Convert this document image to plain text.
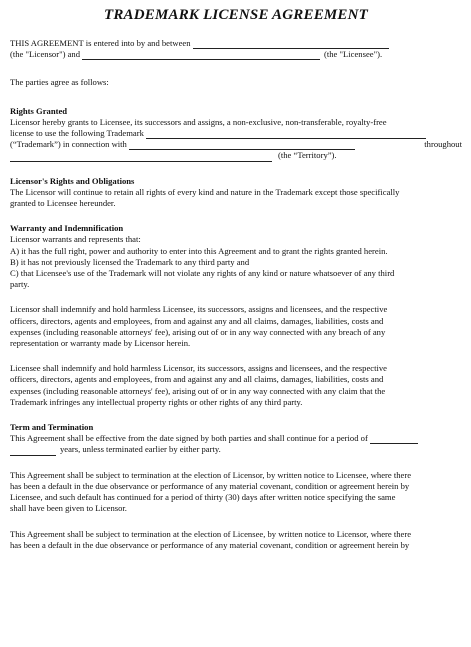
TRADEMARK LICENSE AGREEMENT
THIS AGREEMENT is entered into by and between
(the "Licensor") and	(the "Licensee").
The parties agree as follows:
Rights Granted
Licensor hereby grants to Licensee, its successors and assigns, a non-exclusive, non-transferable, royalty-free
license to use the following Trademark
(“Trademark”) in connection with	throughout
(the “Territory”).
Licensor's Rights and Obligations
The Licensor will continue to retain all rights of every kind and nature in the Trademark except those specifically
granted to Licensee hereunder.
Warranty and Indemnification
Licensor warrants and represents that:
A) it has the full right, power and authority to enter into this Agreement and to grant the rights granted herein.
B) it has not previously licensed the Trademark to any third party and
C) that Licensee's use of the Trademark will not violate any rights of any kind or nature whatsoever of any third
party.
Licensor shall indemnify and hold harmless Licensee, its successors, assigns and licensees, and the respective
officers, directors, agents and employees, from and against any and all claims, damages, liabilities, costs and
expenses (including reasonable attorneys' fee), arising out of or in any way connected with any breach of any
representation or warranty made by Licensor herein.
Licensee shall indemnify and hold harmless Licensor, its successors, assigns and licensees, and the respective
officers, directors, agents and employees, from and against any and all claims, damages, liabilities, costs and
expenses (including reasonable attorneys' fee), arising out of or in any way connected with any claim that the
Trademark infringes any intellectual property rights or other rights of any third party.
Term and Termination
This Agreement shall be effective from the date signed by both parties and shall continue for a period of
years, unless terminated earlier by either party.
This Agreement shall be subject to termination at the election of Licensor, by written notice to Licensee, where there
has been a default in the due observance or performance of any material covenant, condition or agreement herein by
Licensee, and such default has continued for a period of thirty (30) days after written notice specifying the same
shall have been given to Licensor.
This Agreement shall be subject to termination at the election of Licensee, by written notice to Licensor, where there
has been a default in the due observance or performance of any material covenant, condition or agreement herein by
